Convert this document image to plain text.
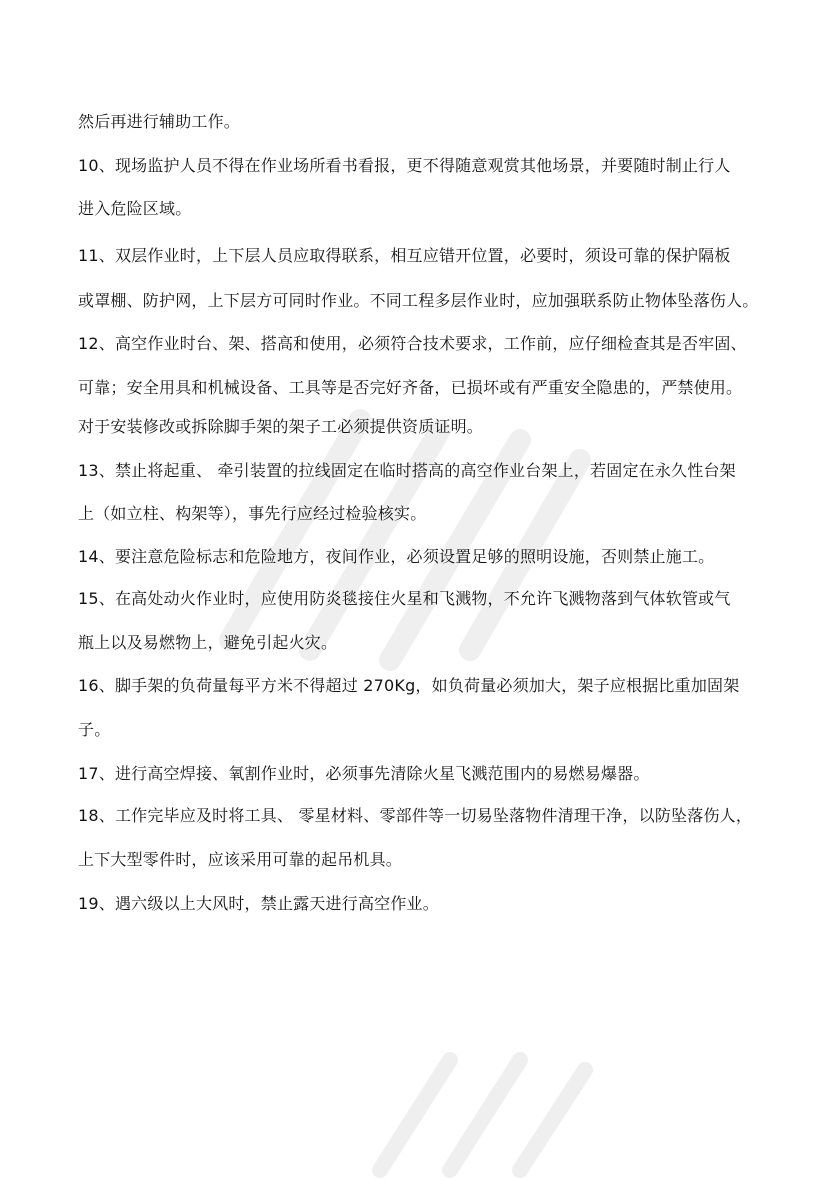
然后再进行辅助工作。
10、现场监护人员不得在作业场所看书看报，更不得随意观赏其他场景，并要随时制止行人
进入危险区域。
11、双层作业时，上下层人员应取得联系，相互应错开位置，必要时，须设可靠的保护隔板
或罩棚、防护网，上下层方可同时作业。不同工程多层作业时，应加强联系防止物体坠落伤人。
12、高空作业时台、架、搭高和使用，必须符合技术要求，工作前，应仔细检查其是否牢固、
可靠；安全用具和机械设备、工具等是否完好齐备，已损坏或有严重安全隐患的，严禁使用。
对于安装修改或拆除脚手架的架子工必须提供资质证明。
13、禁止将起重、 牵引装置的拉线固定在临时搭高的高空作业台架上，若固定在永久性台架
上（如立柱、构架等），事先行应经过检验核实。
14、要注意危险标志和危险地方，夜间作业，必须设置足够的照明设施，否则禁止施工。
15、在高处动火作业时，应使用防炎毯接住火星和飞溅物，不允许飞溅物落到气体软管或气
瓶上以及易燃物上，避免引起火灾。
16、脚手架的负荷量每平方米不得超过 270Kg，如负荷量必须加大，架子应根据比重加固架
子。
17、进行高空焊接、氧割作业时，必须事先清除火星飞溅范围内的易燃易爆器。
18、工作完毕应及时将工具、 零星材料、零部件等一切易坠落物件清理干净，以防坠落伤人，
上下大型零件时，应该采用可靠的起吊机具。
19、遇六级以上大风时，禁止露天进行高空作业。
